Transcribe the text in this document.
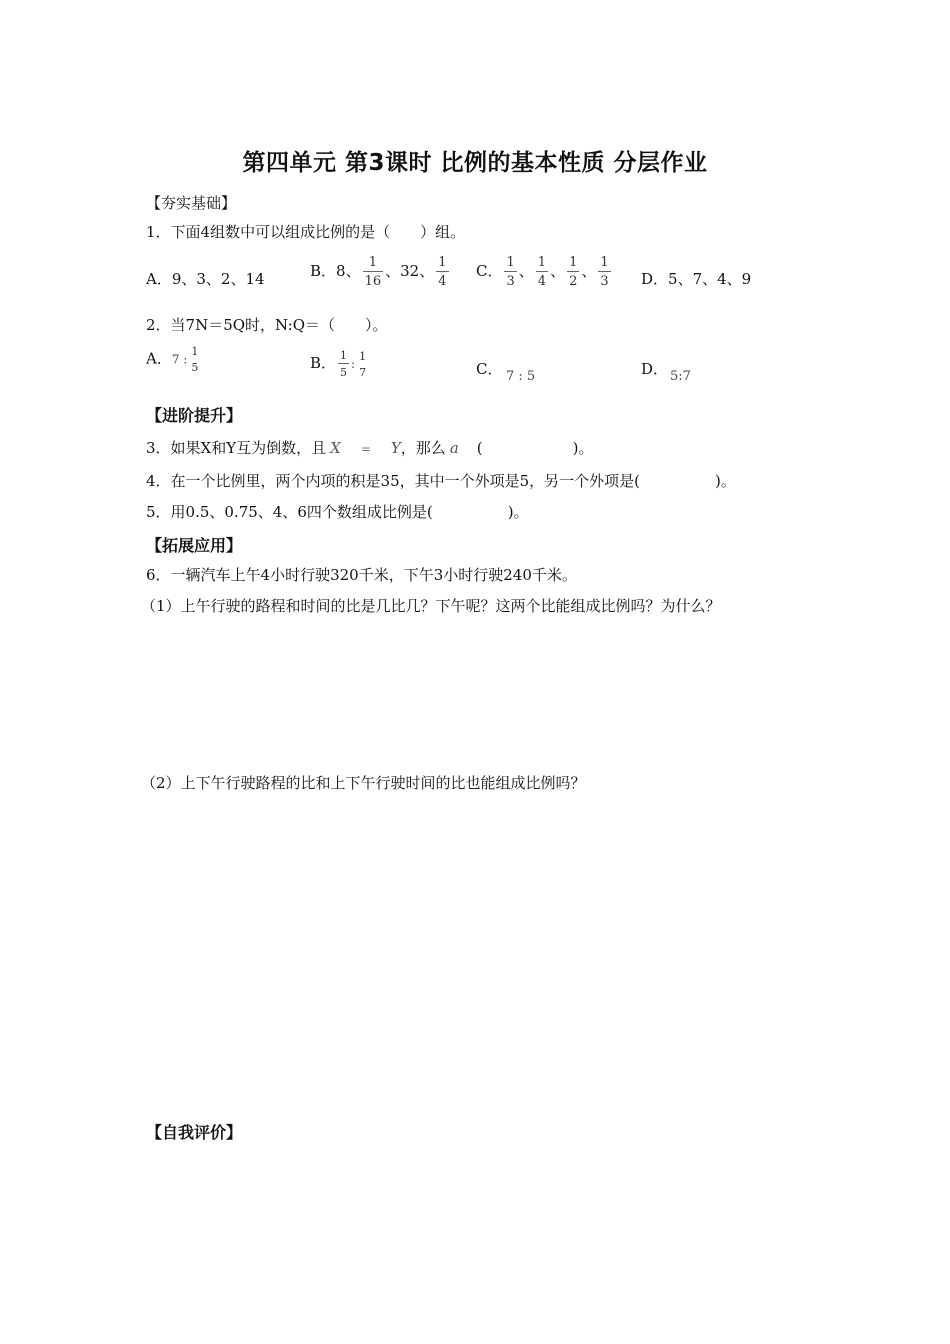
第四单元 第3课时 比例的基本性质 分层作业
【夯实基础】
1．下面4组数中可以组成比例的是（　　）组。
A．9、3、2、14	B．8、 $\frac{1}{16}$ 、32、 $\frac{1}{4}$ C． $\frac{1}{3}$ 、 $\frac{1}{4}$ 、 $\frac{1}{2}$ 、 $\frac{1}{3}$ D．5、7、4、9
2．当7N＝5Q时，N:Q＝（　　）。
A．7 :
1
5	B． $\frac{1}{5}$ :
1
7	C． 7 : 5	D． 5:7
【进阶提升】
3．如果X和Y互为倒数，且 X = Y，那么 a (　　　　　　)。
4．在一个比例里，两个内项的积是35，其中一个外项是5，另一个外项是(　　　　　)。
5．用0.5、0.75、4、6四个数组成比例是(　　　　　)。
【拓展应用】
6．一辆汽车上午4小时行驶320千米，下午3小时行驶240千米。
（1）上午行驶的路程和时间的比是几比几？下午呢？这两个比能组成比例吗？为什么？
（2）上下午行驶路程的比和上下午行驶时间的比也能组成比例吗？
【自我评价】
